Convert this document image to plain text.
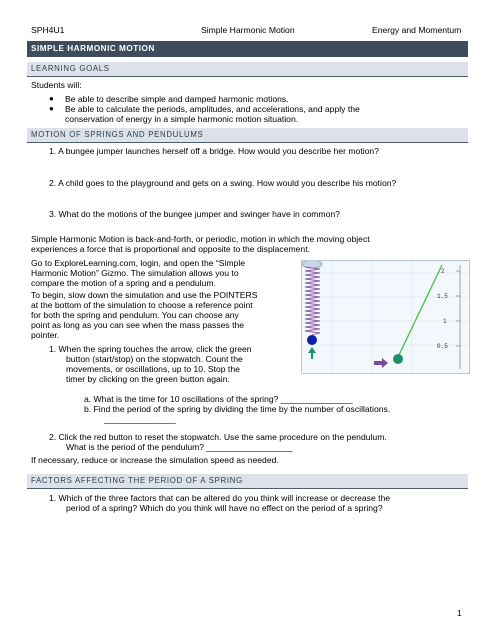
SPH4U1	Simple Harmonic Motion	Energy and Momentum
SIMPLE HARMONIC MOTION
LEARNING GOALS
Students will:
● Be able to describe simple and damped harmonic motions.
● Be able to calculate the periods, amplitudes, and accelerations, and apply the
conservation of energy in a simple harmonic motion situation.
MOTION OF SPRINGS AND PENDULUMS
1. A bungee jumper launches herself off a bridge. How would you describe her motion?
2. A child goes to the playground and gets on a swing. How would you describe his motion?
3. What do the motions of the bungee jumper and swinger have in common?
Simple Harmonic Motion is back-and-forth, or periodic, motion in which the moving object
experiences a force that is proportional and opposite to the displacement.
Go to ExploreLearning.com, login, and open the “Simple
Harmonic Motion” Gizmo. The simulation allows you to
compare the motion of a spring and a pendulum.
To begin, slow down the simulation and use the POINTERS
at the bottom of the simulation to choose a reference point
for both the spring and pendulum. You can choose any
point as long as you can see when the mass passes the
pointer.
1. When the spring touches the arrow, click the green
button (start/stop) on the stopwatch. Count the
movements, or oscillations, up to 10. Stop the
timer by clicking on the green button again.
2
1.5
1
0.5
a. What is the time for 10 oscillations of the spring? _______________
b. Find the period of the spring by dividing the time by the number of oscillations.
_______________
2. Click the red button to reset the stopwatch. Use the same procedure on the pendulum.
What is the period of the pendulum? __________________
If necessary, reduce or increase the simulation speed as needed.
FACTORS AFFECTING THE PERIOD OF A SPRING
1. Which of the three factors that can be altered do you think will increase or decrease the
period of a spring? Which do you think will have no effect on the period of a spring?
1
